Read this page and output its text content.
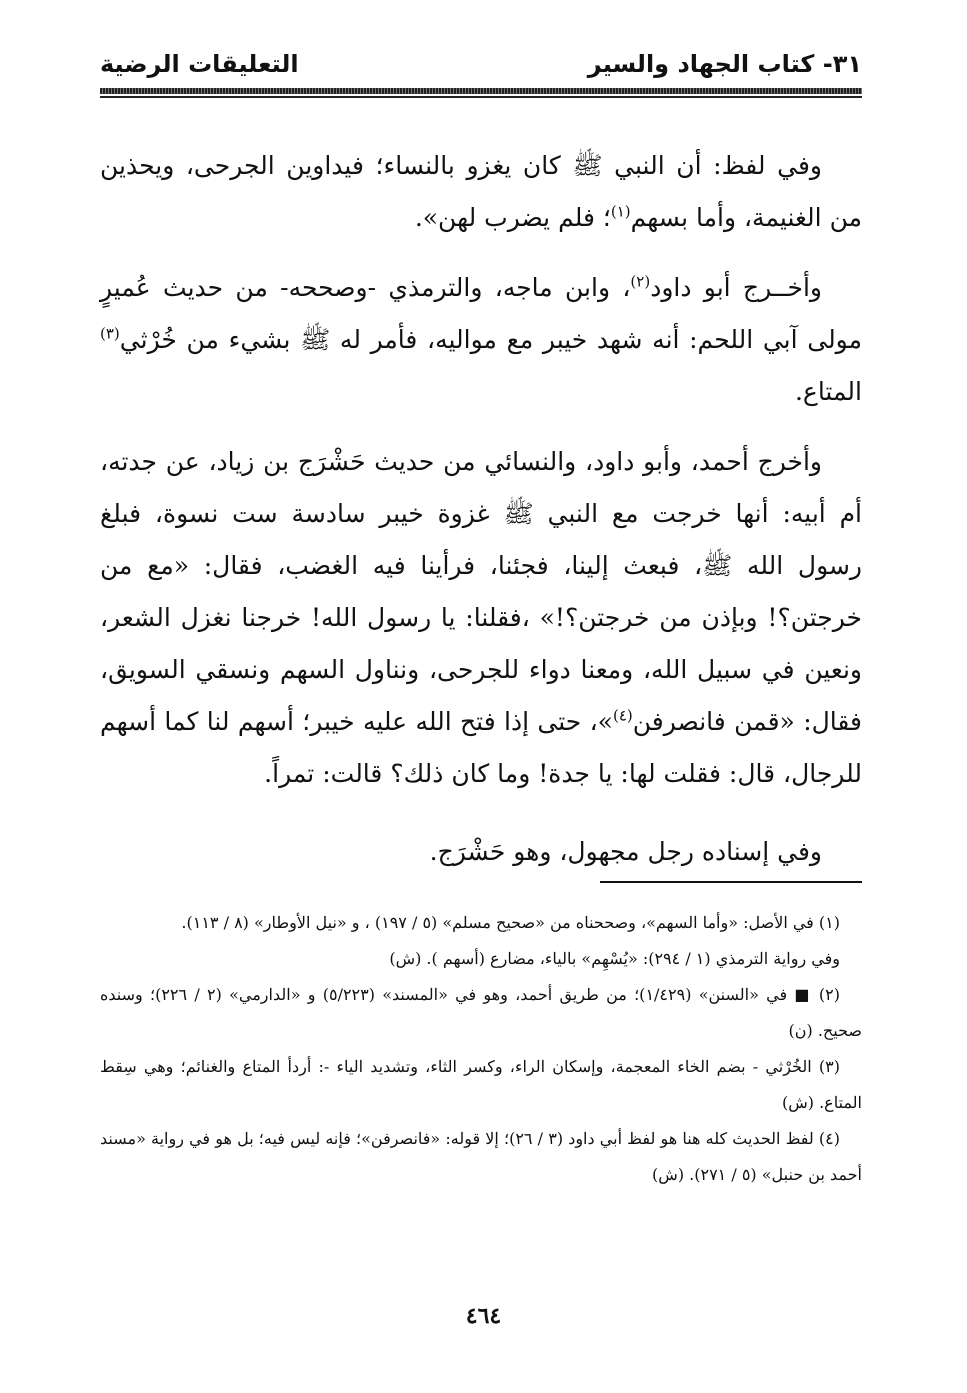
٣١- كتاب الجهاد والسير
التعليقات الرضية

وفي لفظ: أن النبي ﷺ كان يغزو بالنساء؛ فيداوين الجرحى، ويحذين من الغنيمة، وأما بسهم$^{(١)}$؛ فلم يضرب لهن».

وأخــرج أبو داود$^{(٢)}$، وابن ماجه، والترمذي -وصححه- من حديث عُميرٍ مولى آبي اللحم: أنه شهد خيبر مع مواليه، فأمر له ﷺ بشيء من خُرْثي$^{(٣)}$ المتاع.

وأخرج أحمد، وأبو داود، والنسائي من حديث حَشْرَج بن زياد، عن جدته، أم أبيه: أنها خرجت مع النبي ﷺ غزوة خيبر سادسة ست نسوة، فبلغ رسول الله ﷺ، فبعث إلينا، فجئنا، فرأينا فيه الغضب، فقال: «مع من خرجتن؟! وبإذن من خرجتن؟!» ،فقلنا: يا رسول الله! خرجنا نغزل الشعر، ونعين في سبيل الله، ومعنا دواء للجرحى، ونناول السهم ونسقي السويق، فقال: «قمن فانصرفن$^{(٤)}$»، حتى إذا فتح الله عليه خيبر؛ أسهم لنا كما أسهم للرجال، قال: فقلت لها: يا جدة! وما كان ذلك؟ قالت: تمراً.

وفي إسناده رجل مجهول، وهو حَشْرَج.

(١) في الأصل: «وأما السهم»، وصححناه من «صحيح مسلم» (٥ / ١٩٧) ، و «نيل الأوطار» (٨ / ١١٣).

وفي رواية الترمذي (١ / ٢٩٤): «يُسْهِم» بالياء، مضارع (أسهم ). (ش)

(٢) ■ في «السنن» (١/٤٢٩)؛ من طريق أحمد، وهو في «المسند» (٥/٢٢٣) و «الدارمي» (٢ / ٢٢٦)؛ وسنده صحيح. (ن)

(٣) الخُرْثي - بضم الخاء المعجمة، وإسكان الراء، وكسر الثاء، وتشديد الياء -: أردأ المتاع والغنائم؛ وهي سِقط المتاع. (ش)

(٤) لفظ الحديث كله هنا هو لفظ أبي داود (٣ / ٢٦)؛ إلا قوله: «فانصرفن»؛ فإنه ليس فيه؛ بل هو في رواية «مسند أحمد بن حنبل» (٥ / ٢٧١). (ش)

٤٦٤
